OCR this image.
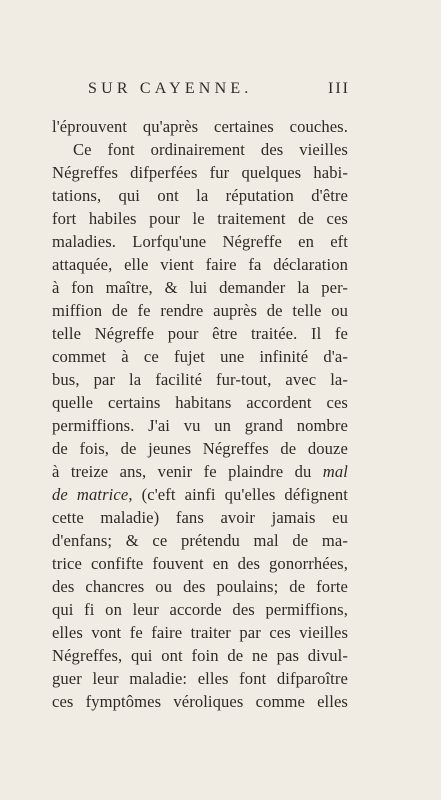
SUR CAYENNE.	III
l'éprouvent qu'après certaines couches.
Ce font ordinairement des vieilles
Négreffes difperfées fur quelques habi-
tations, qui ont la réputation d'être
fort habiles pour le traitement de ces
maladies. Lorfqu'une Négreffe en eft
attaquée, elle vient faire fa déclaration
à fon maître, & lui demander la per-
miffion de fe rendre auprès de telle ou
telle Négreffe pour être traitée. Il fe
commet à ce fujet une infinité d'a-
bus, par la facilité fur-tout, avec la-
quelle certains habitans accordent ces
permiffions. J'ai vu un grand nombre
de fois, de jeunes Négreffes de douze
à treize ans, venir fe plaindre du mal
de matrice, (c'eft ainfi qu'elles défignent
cette maladie) fans avoir jamais eu
d'enfans; & ce prétendu mal de ma-
trice confifte fouvent en des gonorrhées,
des chancres ou des poulains; de forte
qui fi on leur accorde des permiffions,
elles vont fe faire traiter par ces vieilles
Négreffes, qui ont foin de ne pas divul-
guer leur maladie: elles font difparoître
ces fymptômes véroliques comme elles
